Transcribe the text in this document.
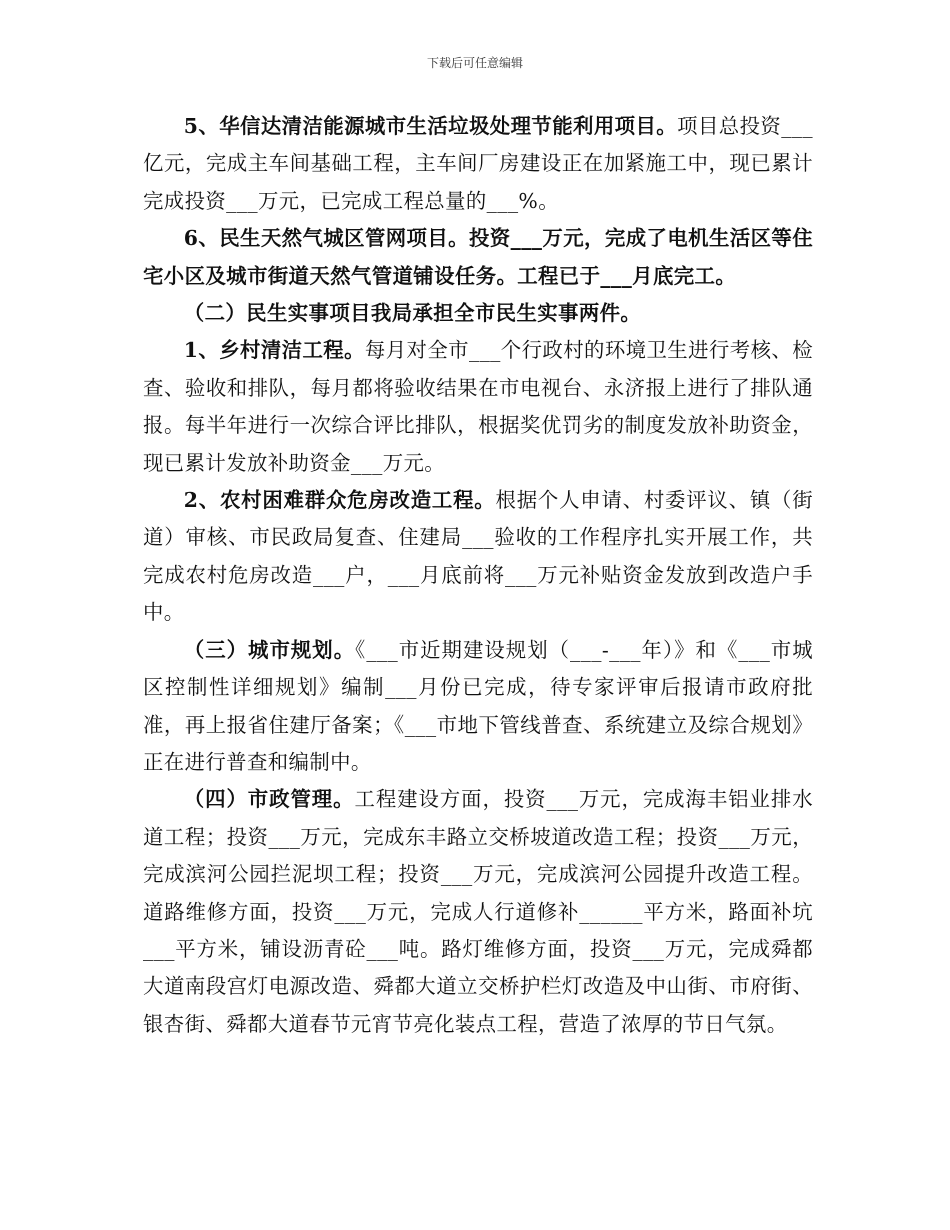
下载后可任意编辑

5、华信达清洁能源城市生活垃圾处理节能利用项目。项目总投资___亿元，完成主车间基础工程，主车间厂房建设正在加紧施工中，现已累计完成投资___万元，已完成工程总量的___%。

6、民生天然气城区管网项目。投资___万元，完成了电机生活区等住宅小区及城市街道天然气管道铺设任务。工程已于___月底完工。

（二）民生实事项目我局承担全市民生实事两件。

1、乡村清洁工程。每月对全市___个行政村的环境卫生进行考核、检查、验收和排队，每月都将验收结果在市电视台、永济报上进行了排队通报。每半年进行一次综合评比排队，根据奖优罚劣的制度发放补助资金，现已累计发放补助资金___万元。

2、农村困难群众危房改造工程。根据个人申请、村委评议、镇（街道）审核、市民政局复查、住建局___验收的工作程序扎实开展工作，共完成农村危房改造___户，___月底前将___万元补贴资金发放到改造户手中。

（三）城市规划。《___市近期建设规划（___-___年）》和《___市城区控制性详细规划》编制___月份已完成，待专家评审后报请市政府批准，再上报省住建厅备案；《___市地下管线普查、系统建立及综合规划》正在进行普查和编制中。

（四）市政管理。工程建设方面，投资___万元，完成海丰铝业排水道工程；投资___万元，完成东丰路立交桥坡道改造工程；投资___万元，完成滨河公园拦泥坝工程；投资___万元，完成滨河公园提升改造工程。道路维修方面，投资___万元，完成人行道修补______平方米，路面补坑___平方米，铺设沥青砼___吨。路灯维修方面，投资___万元，完成舜都大道南段宫灯电源改造、舜都大道立交桥护栏灯改造及中山街、市府街、银杏街、舜都大道春节元宵节亮化装点工程，营造了浓厚的节日气氛。
